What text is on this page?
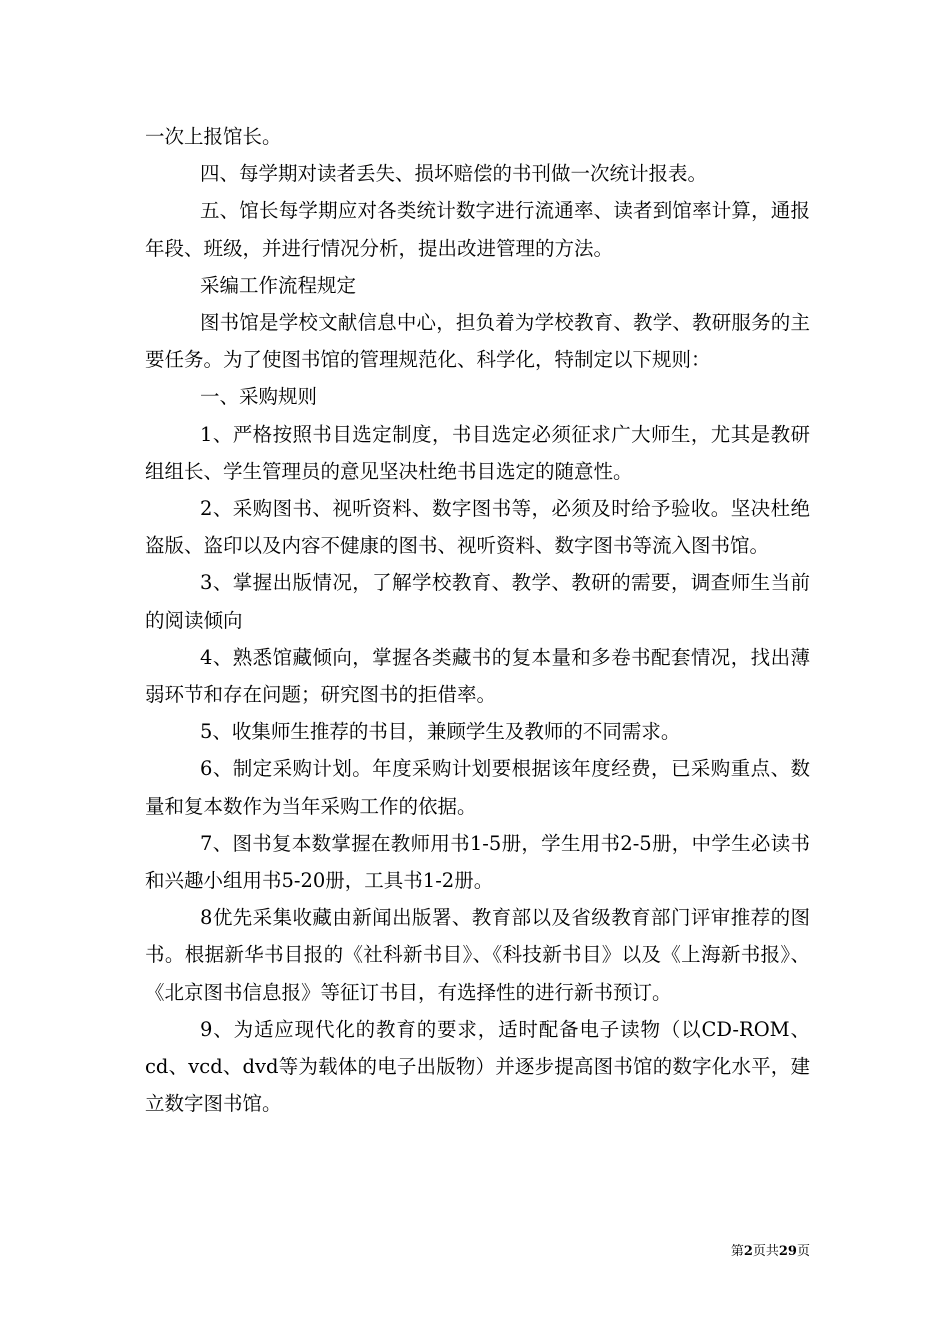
一次上报馆长。

四、每学期对读者丢失、损坏赔偿的书刊做一次统计报表。

五、馆长每学期应对各类统计数字进行流通率、读者到馆率计算，通报年段、班级，并进行情况分析，提出改进管理的方法。

采编工作流程规定

图书馆是学校文献信息中心，担负着为学校教育、教学、教研服务的主要任务。为了使图书馆的管理规范化、科学化，特制定以下规则：

一、采购规则

1、严格按照书目选定制度，书目选定必须征求广大师生，尤其是教研组组长、学生管理员的意见坚决杜绝书目选定的随意性。

2、采购图书、视听资料、数字图书等，必须及时给予验收。坚决杜绝盗版、盗印以及内容不健康的图书、视听资料、数字图书等流入图书馆。

3、掌握出版情况，了解学校教育、教学、教研的需要，调查师生当前的阅读倾向

4、熟悉馆藏倾向，掌握各类藏书的复本量和多卷书配套情况，找出薄弱环节和存在问题；研究图书的拒借率。

5、收集师生推荐的书目，兼顾学生及教师的不同需求。

6、制定采购计划。年度采购计划要根据该年度经费，已采购重点、数量和复本数作为当年采购工作的依据。

7、图书复本数掌握在教师用书1-5册，学生用书2-5册，中学生必读书和兴趣小组用书5-20册，工具书1-2册。

8优先采集收藏由新闻出版署、教育部以及省级教育部门评审推荐的图书。根据新华书目报的《社科新书目》、《科技新书目》以及《上海新书报》、《北京图书信息报》等征订书目，有选择性的进行新书预订。

9、为适应现代化的教育的要求，适时配备电子读物（以CD-ROM、cd、vcd、dvd等为载体的电子出版物）并逐步提高图书馆的数字化水平，建立数字图书馆。

第2页共29页
